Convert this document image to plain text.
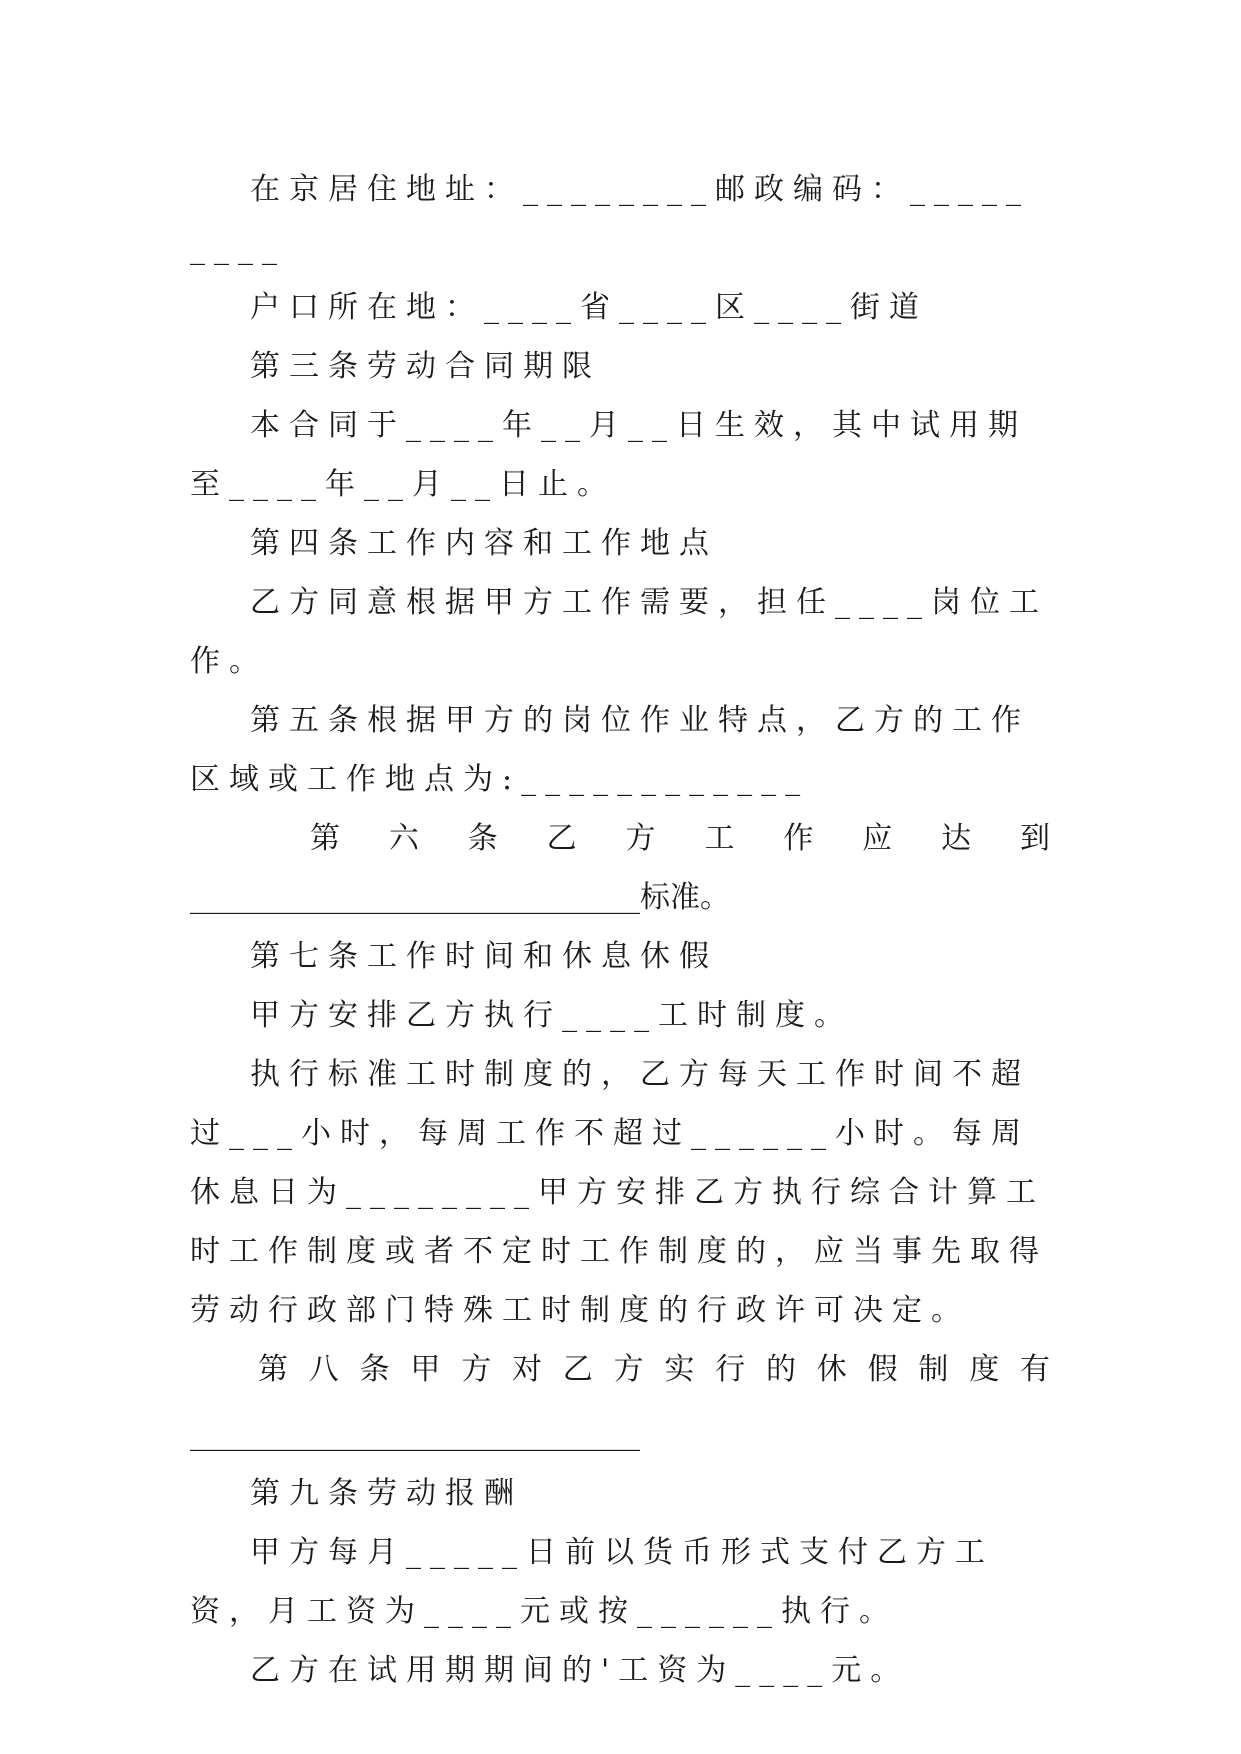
在京居住地址：________邮政编码：_________

户口所在地：____省____区____街道

第三条劳动合同期限

本合同于____年__月__日生效，其中试用期至____年__月__日止。

第四条工作内容和工作地点

乙方同意根据甲方工作需要，担任____岗位工作。

第五条根据甲方的岗位作业特点，乙方的工作区域或工作地点为:____________

第六条乙方工作应达到

______________________________标准。

第七条工作时间和休息休假

甲方安排乙方执行____工时制度。

执行标准工时制度的，乙方每天工作时间不超过___小时，每周工作不超过______小时。每周休息日为________甲方安排乙方执行综合计算工时工作制度或者不定时工作制度的，应当事先取得劳动行政部门特殊工时制度的行政许可决定。

第八条甲方对乙方实行的休假制度有

______________________________

第九条劳动报酬

甲方每月_____日前以货币形式支付乙方工资，月工资为____元或按______执行。

乙方在试用期期间的'工资为____元。
